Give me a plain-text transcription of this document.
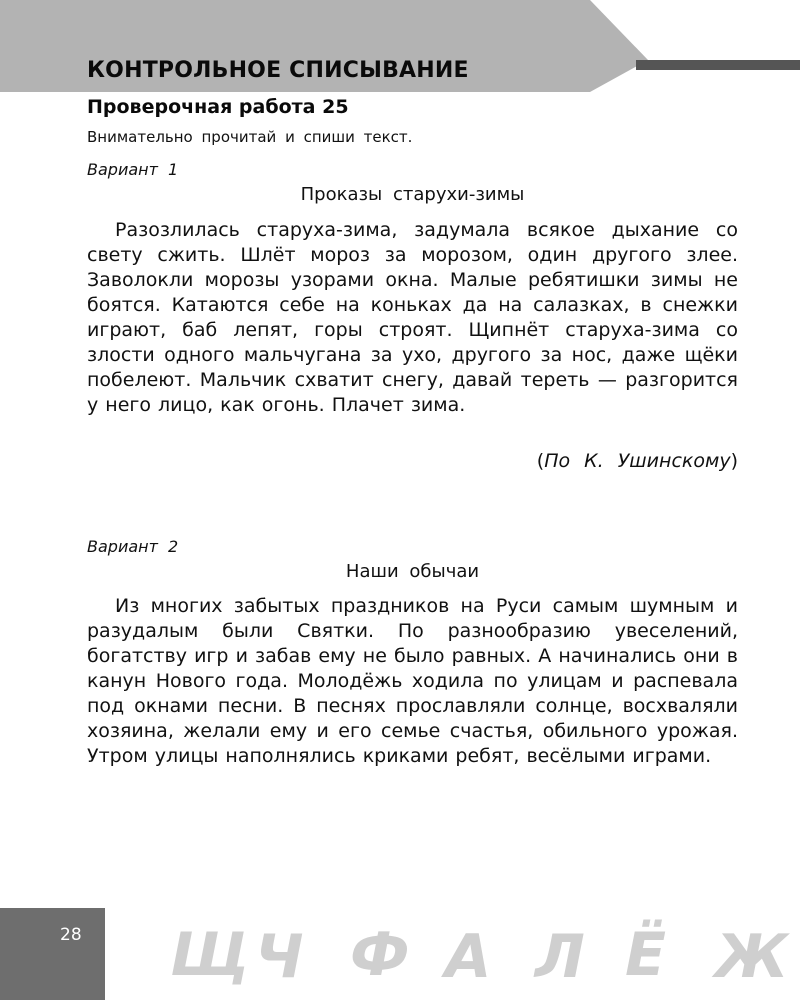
КОНТРОЛЬНОЕ СПИСЫВАНИЕ
Проверочная работа 25

Внимательно прочитай и спиши текст.

Вариант 1

Проказы старухи-зимы

Разозлилась старуха-зима, задумала всякое дыхание со свету сжить. Шлёт мороз за морозом, один другого злее. Заволокли морозы узорами окна. Малые ребятишки зимы не боятся. Катаются себе на коньках да на салазках, в снежки играют, баб лепят, горы строят. Щипнёт старуха-зима со злости одного мальчугана за ухо, другого за нос, даже щёки побелеют. Мальчик схватит снегу, давай тереть — разгорится у него лицо, как огонь. Плачет зима.

(По К. Ушинскому)

Вариант 2

Наши обычаи

Из многих забытых праздников на Руси самым шумным и разудалым были Святки. По разнообразию увеселений, богатству игр и забав ему не было равных. А начинались они в канун Нового года. Молодёжь ходила по улицам и распевала под окнами песни. В песнях прославляли солнце, восхваляли хозяина, желали ему и его семье счастья, обильного урожая. Утром улицы наполнялись криками ребят, весёлыми играми.

28 Щ Ч Ф А Л Ё Ж
